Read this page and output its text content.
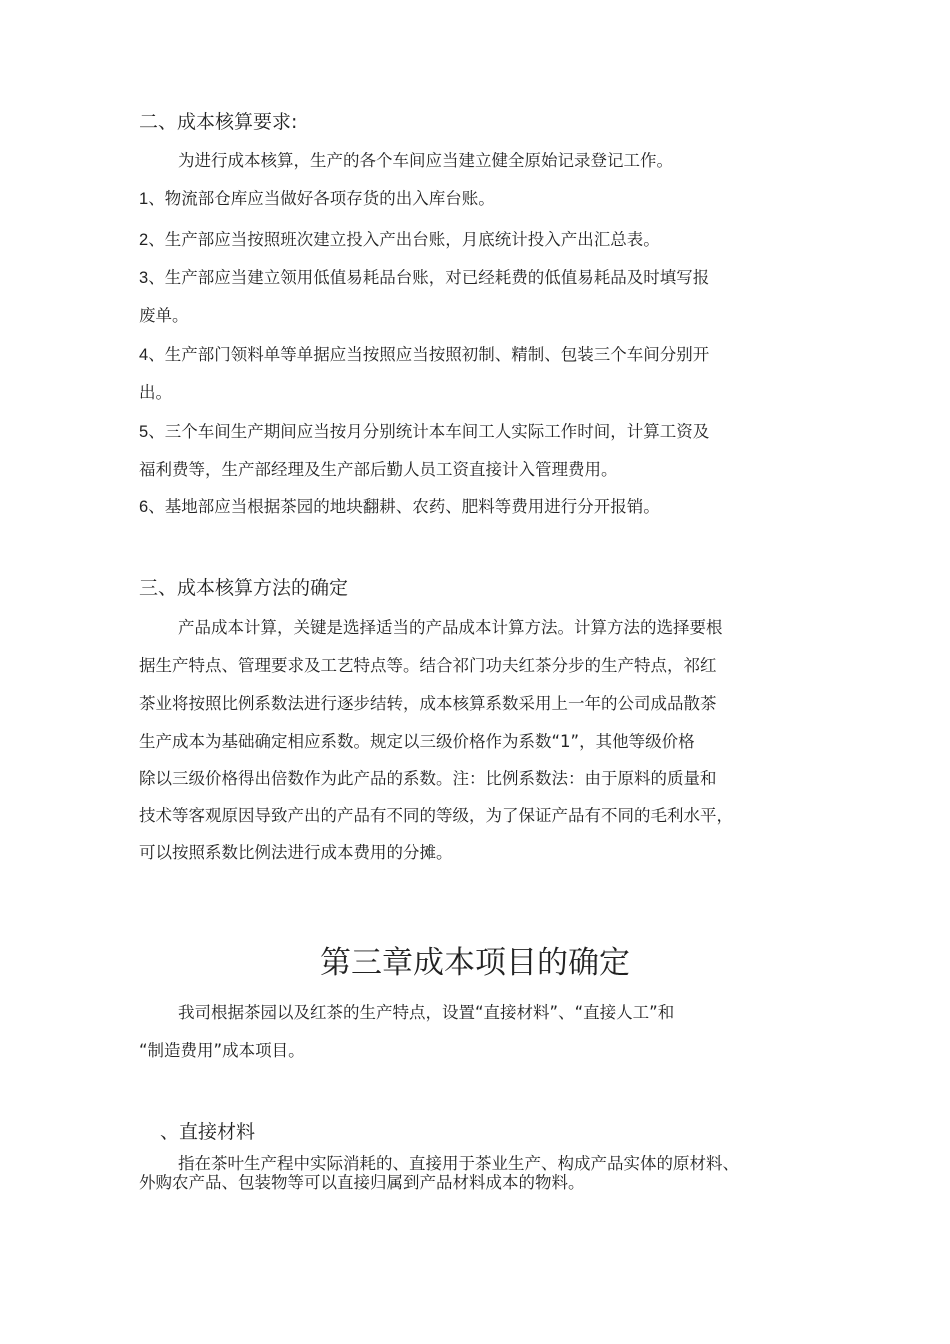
二、成本核算要求:
为进行成本核算，生产的各个车间应当建立健全原始记录登记工作。
1、物流部仓库应当做好各项存货的出入库台账。
2、生产部应当按照班次建立投入产出台账，月底统计投入产出汇总表。
3、生产部应当建立领用低值易耗品台账，对已经耗费的低值易耗品及时填写报
废单。
4、生产部门领料单等单据应当按照应当按照初制、精制、包装三个车间分别开
出。
5、三个车间生产期间应当按月分别统计本车间工人实际工作时间，计算工资及
福利费等，生产部经理及生产部后勤人员工资直接计入管理费用。
6、基地部应当根据茶园的地块翻耕、农药、肥料等费用进行分开报销。
三、成本核算方法的确定
产品成本计算，关键是选择适当的产品成本计算方法。计算方法的选择要根
据生产特点、管理要求及工艺特点等。结合祁门功夫红茶分步的生产特点，祁红
茶业将按照比例系数法进行逐步结转，成本核算系数采用上一年的公司成品散茶
生产成本为基础确定相应系数。规定以三级价格作为系数“1”，其他等级价格
除以三级价格得出倍数作为此产品的系数。注：比例系数法：由于原料的质量和
技术等客观原因导致产出的产品有不同的等级，为了保证产品有不同的毛利水平，
可以按照系数比例法进行成本费用的分摊。
第三章成本项目的确定
我司根据茶园以及红茶的生产特点，设置“直接材料”、“直接人工”和
“制造费用”成本项目。
、直接材料
指在茶叶生产程中实际消耗的、直接用于茶业生产、构成产品实体的原材料、
外购农产品、包装物等可以直接归属到产品材料成本的物料。
